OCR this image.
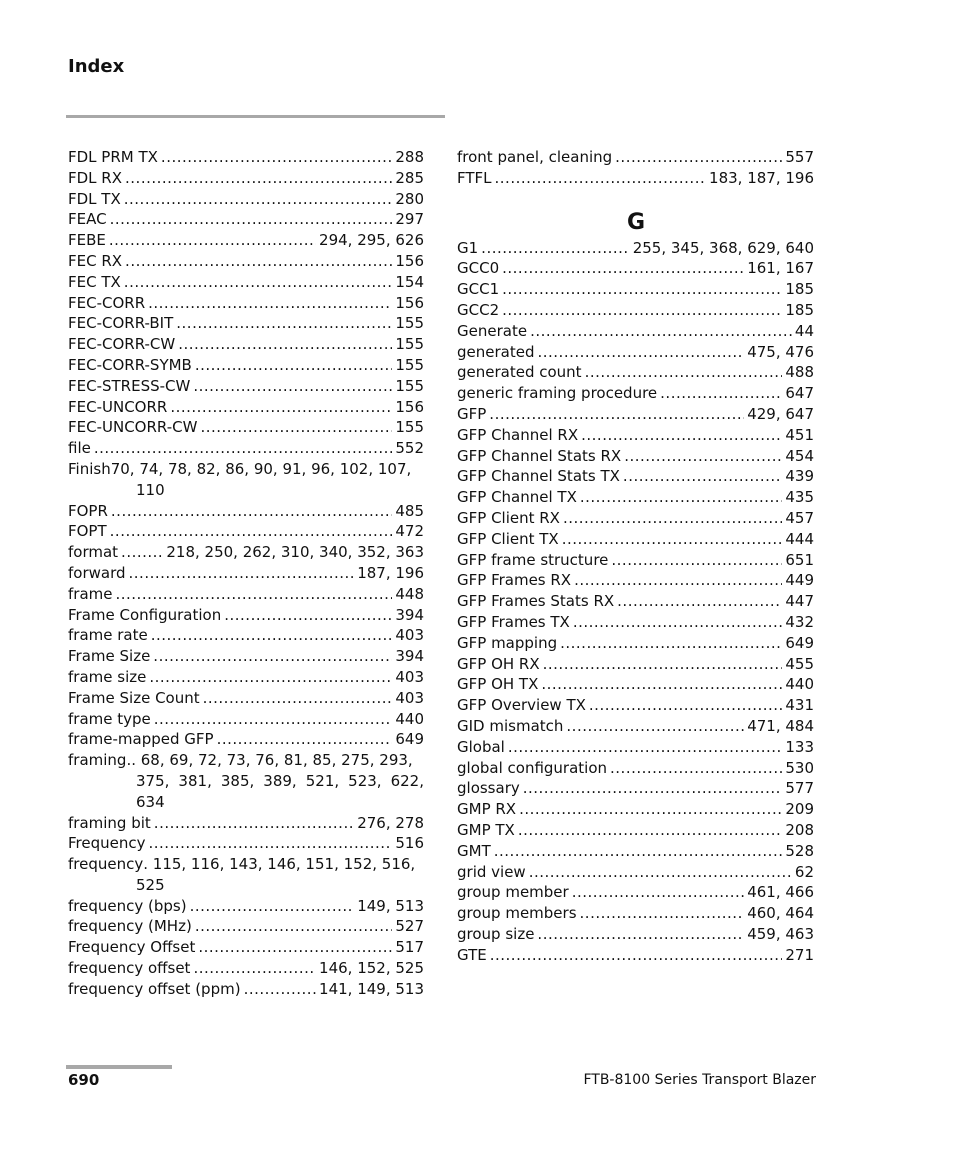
Index
FDL PRM TX .....	288
FDL RX .....	285
FDL TX .....	280
FEAC .....	297
FEBE .....	294, 295, 626
FEC RX .....	156
FEC TX .....	154
FEC-CORR .....	156
FEC-CORR-BIT .....	155
FEC-CORR-CW .....	155
FEC-CORR-SYMB .....	155
FEC-STRESS-CW .....	155
FEC-UNCORR .....	156
FEC-UNCORR-CW .....	155
file .....	552
Finish 70, 74, 78, 82, 86, 90, 91, 96, 102, 107,
110
FOPR .....	485
FOPT .....	472
format .....	218, 250, 262, 310, 340, 352, 363
forward .....	187, 196
frame .....	448
Frame Configuration .....	394
frame rate .....	403
Frame Size .....	394
frame size .....	403
Frame Size Count .....	403
frame type .....	440
frame-mapped GFP .....	649
framing .. 68, 69, 72, 73, 76, 81, 85, 275, 293,
375, 381, 385, 389, 521, 523, 622, 634
framing bit .....	276, 278
Frequency .....	516
frequency . 115, 116, 143, 146, 151, 152, 516,
525
frequency (bps) .....	149, 513
frequency (MHz) .....	527
Frequency Offset .....	517
frequency offset .....	146, 152, 525
frequency offset (ppm) .....	141, 149, 513
front panel, cleaning .....	557
FTFL .....	183, 187, 196
G
G1 .....	255, 345, 368, 629, 640
GCC0 .....	161, 167
GCC1 .....	185
GCC2 .....	185
Generate .....	44
generated .....	475, 476
generated count .....	488
generic framing procedure .....	647
GFP .....	429, 647
GFP Channel RX .....	451
GFP Channel Stats RX .....	454
GFP Channel Stats TX .....	439
GFP Channel TX .....	435
GFP Client RX .....	457
GFP Client TX .....	444
GFP frame structure .....	651
GFP Frames RX .....	449
GFP Frames Stats RX .....	447
GFP Frames TX .....	432
GFP mapping .....	649
GFP OH RX .....	455
GFP OH TX .....	440
GFP Overview TX .....	431
GID mismatch .....	471, 484
Global .....	133
global configuration .....	530
glossary .....	577
GMP RX .....	209
GMP TX .....	208
GMT .....	528
grid view .....	62
group member .....	461, 466
group members .....	460, 464
group size .....	459, 463
GTE .....	271
690	FTB-8100 Series Transport Blazer
